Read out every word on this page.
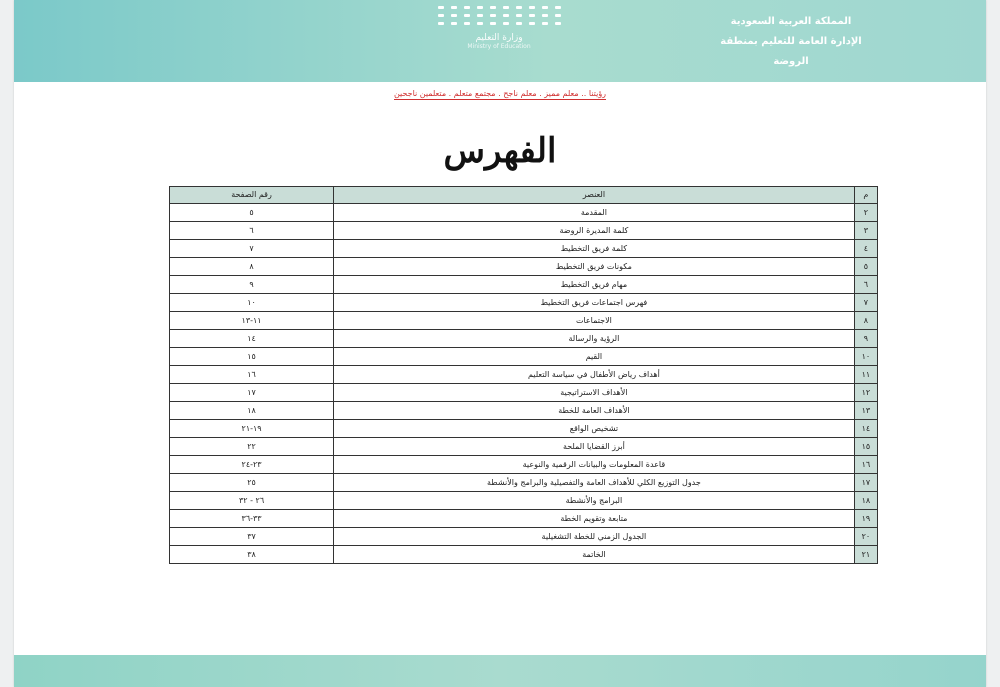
وزارة التعليم
Ministry of Education
المملكة العربية السعودية
الإدارة العامة للتعليم بمنطقة
الروضة
رؤيتنا .. معلم مميز . معلم ناجح . مجتمع متعلم . متعلمين ناجحين
الفهرس
م	العنصر	رقم الصفحة
٢	المقدمة	٥
٣	كلمة المديرة الروضة	٦
٤	كلمة فريق التخطيط	٧
٥	مكونات فريق التخطيط	٨
٦	مهام فريق التخطيط	٩
٧	فهرس اجتماعات فريق التخطيط	١٠
٨	الاجتماعات	١١-١٣
٩	الرؤية والرسالة	١٤
١٠	القيم	١٥
١١	أهداف رياض الأطفال في سياسة التعليم	١٦
١٢	الأهداف الاستراتيجية	١٧
١٣	الأهداف العامة للخطة	١٨
١٤	تشخيص الواقع	١٩-٢١
١٥	أبرز القضايا الملحة	٢٢
١٦	قاعدة المعلومات والبيانات الرقمية والنوعية	٢٣-٢٤
١٧	جدول التوزيع الكلي للأهداف العامة والتفصيلية والبرامج والأنشطة	٢٥
١٨	البرامج والأنشطة	٢٦ - ٣٢
١٩	متابعة وتقويم الخطة	٣٣-٣٦
٢٠	الجدول الزمني للخطة التشغيلية	٣٧
٢١	الخاتمة	٣٨
